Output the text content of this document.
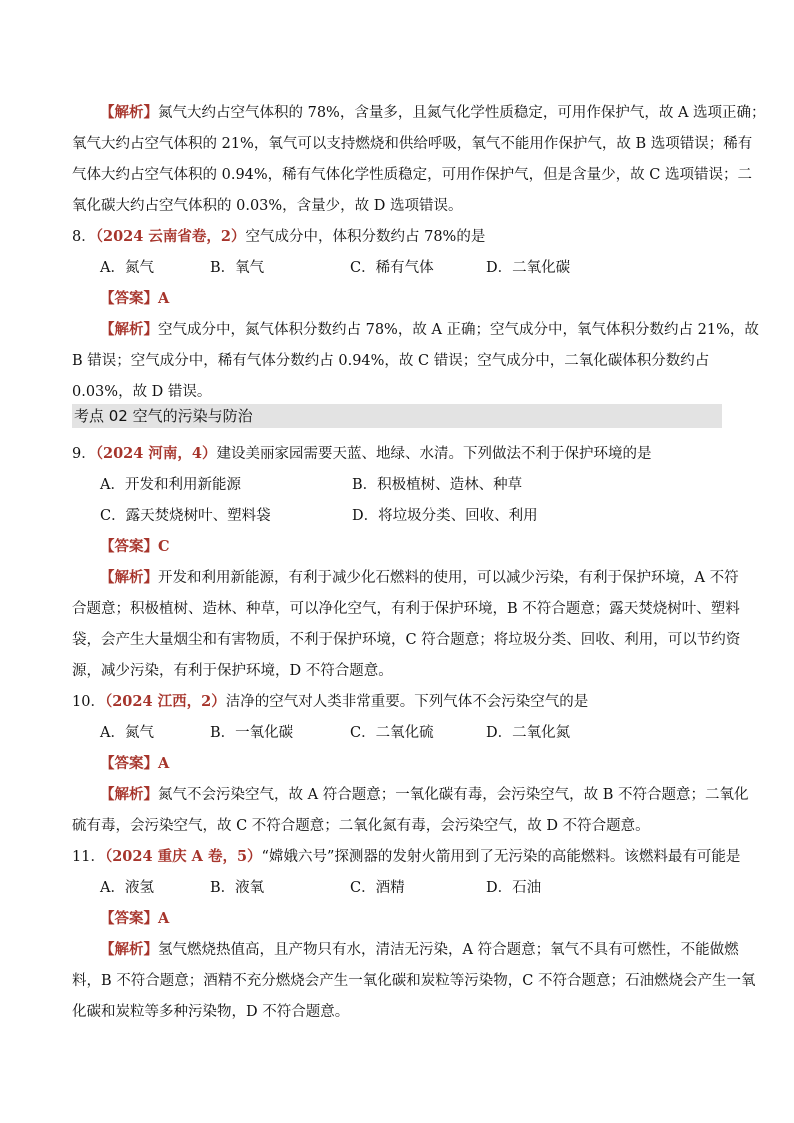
【解析】氮气大约占空气体积的 78%，含量多，且氮气化学性质稳定，可用作保护气，故 A 选项正确；
氧气大约占空气体积的 21%，氧气可以支持燃烧和供给呼吸，氧气不能用作保护气，故 B 选项错误；稀有
气体大约占空气体积的 0.94%，稀有气体化学性质稳定，可用作保护气，但是含量少，故 C 选项错误；二
氧化碳大约占空气体积的 0.03%，含量少，故 D 选项错误。
8．（2024 云南省卷，2）空气成分中，体积分数约占 78%的是
A．氮气	B．氧气	C．稀有气体	D．二氧化碳
【答案】A
【解析】空气成分中，氮气体积分数约占 78%，故 A 正确；空气成分中，氧气体积分数约占 21%，故
B 错误；空气成分中，稀有气体分数约占 0.94%，故 C 错误；空气成分中，二氧化碳体积分数约占
0.03%，故 D 错误。
考点 02 空气的污染与防治
9．（2024 河南，4）建设美丽家园需要天蓝、地绿、水清。下列做法不利于保护环境的是
A．开发和利用新能源	B．积极植树、造林、种草
C．露天焚烧树叶、塑料袋	D．将垃圾分类、回收、利用
【答案】C
【解析】开发和利用新能源，有利于减少化石燃料的使用，可以减少污染，有利于保护环境，A 不符
合题意；积极植树、造林、种草，可以净化空气，有利于保护环境，B 不符合题意；露天焚烧树叶、塑料
袋，会产生大量烟尘和有害物质，不利于保护环境，C 符合题意；将垃圾分类、回收、利用，可以节约资
源，减少污染，有利于保护环境，D 不符合题意。
10．（2024 江西，2）洁净的空气对人类非常重要。下列气体不会污染空气的是
A．氮气	B．一氧化碳	C．二氧化硫	D．二氧化氮
【答案】A
【解析】氮气不会污染空气，故 A 符合题意；一氧化碳有毒，会污染空气，故 B 不符合题意；二氧化
硫有毒，会污染空气，故 C 不符合题意；二氧化氮有毒，会污染空气，故 D 不符合题意。
11．（2024 重庆 A 卷，5）“嫦娥六号”探测器的发射火箭用到了无污染的高能燃料。该燃料最有可能是
A．液氢	B．液氧	C．酒精	D．石油
【答案】A
【解析】氢气燃烧热值高，且产物只有水，清洁无污染，A 符合题意；氧气不具有可燃性，不能做燃
料，B 不符合题意；酒精不充分燃烧会产生一氧化碳和炭粒等污染物，C 不符合题意；石油燃烧会产生一氧
化碳和炭粒等多种污染物，D 不符合题意。
